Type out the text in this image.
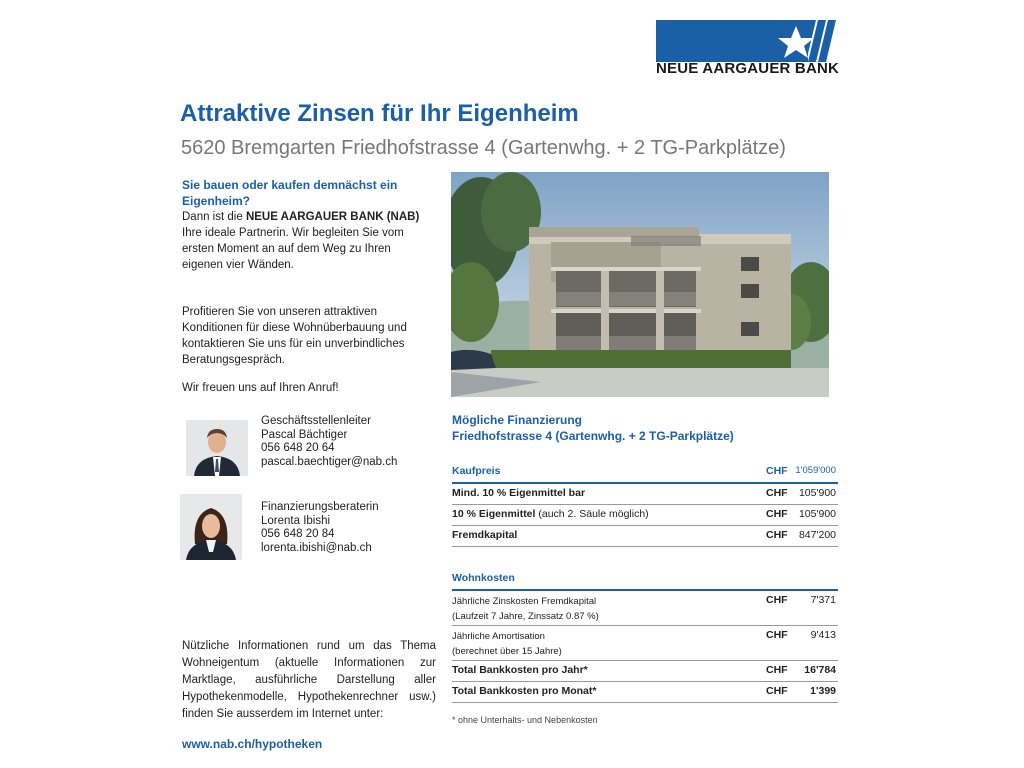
NEUE AARGAUER BANK
Attraktive Zinsen für Ihr Eigenheim
5620 Bremgarten Friedhofstrasse 4 (Gartenwhg. + 2 TG-Parkplätze)
Sie bauen oder kaufen demnächst ein Eigenheim?
Dann ist die NEUE AARGAUER BANK (NAB) Ihre ideale Partnerin. Wir begleiten Sie vom ersten Moment an auf dem Weg zu Ihren eigenen vier Wänden.
Profitieren Sie von unseren attraktiven Konditionen für diese Wohnüberbauung und kontaktieren Sie uns für ein unverbindliches Beratungsgespräch.
Wir freuen uns auf Ihren Anruf!
Geschäftsstellenleiter
Pascal Bächtiger
056 648 20 64
pascal.baechtiger@nab.ch
Finanzierungsberaterin
Lorenta Ibishi
056 648 20 84
lorenta.ibishi@nab.ch
Nützliche Informationen rund um das Thema Wohneigentum (aktuelle Informationen zur Marktlage, ausführliche Darstellung aller Hypothekenmodelle, Hypothekenrechner usw.) finden Sie ausserdem im Internet unter:
www.nab.ch/hypotheken
Mögliche Finanzierung
Friedhofstrasse 4 (Gartenwhg. + 2 TG-Parkplätze)
Kaufpreis	CHF 1'059'000
Mind. 10 % Eigenmittel bar	CHF 105'900
10 % Eigenmittel (auch 2. Säule möglich)	CHF 105'900
Fremdkapital	CHF 847'200
Wohnkosten
Jährliche Zinskosten Fremdkapital
(Laufzeit 7 Jahre, Zinssatz 0.87 %)
CHF 7'371
Jährliche Amortisation
(berechnet über 15 Jahre)
CHF 9'413
Total Bankkosten pro Jahr*	CHF 16'784
Total Bankkosten pro Monat*	CHF 1'399
* ohne Unterhalts- und Nebenkosten
